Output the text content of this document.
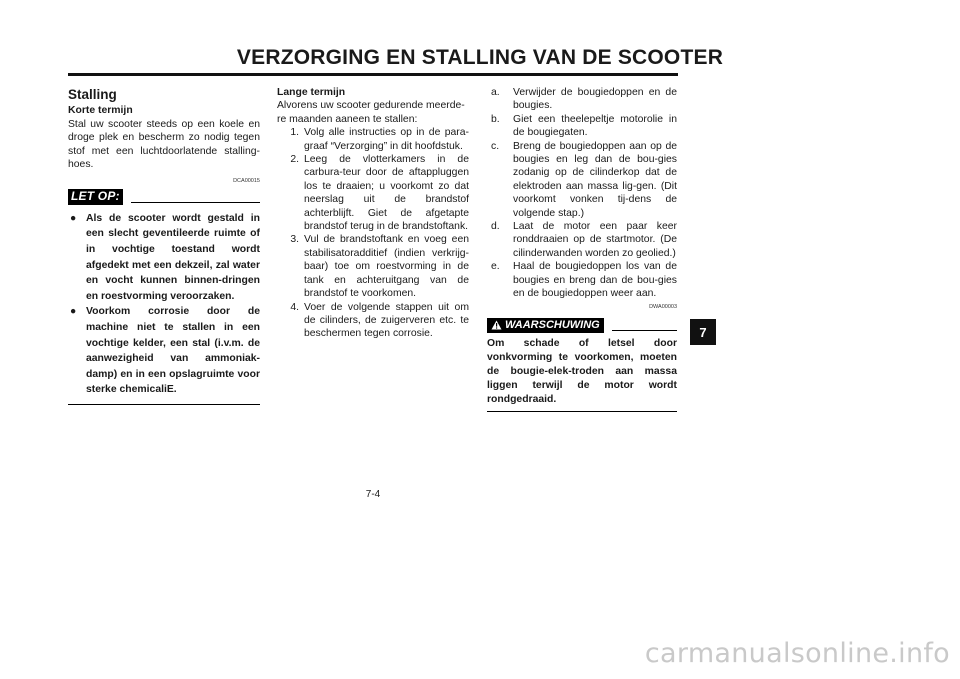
VERZORGING EN STALLING VAN DE SCOOTER
Stalling
Korte termijn
Stal uw scooter steeds op een koele en droge plek en bescherm zo nodig tegen stof met een luchtdoorlatende stalling-hoes.
DCA00015
LET OP:
● Als de scooter wordt gestald in een slecht geventileerde ruimte of in vochtige toestand wordt afgedekt met een dekzeil, zal water en vocht kunnen binnen-dringen en roestvorming veroorzaken.
● Voorkom corrosie door de machine niet te stallen in een vochtige kelder, een stal (i.v.m. de aanwezigheid van ammoniak-damp) en in een opslagruimte voor sterke chemicaliE.
Lange termijn
Alvorens uw scooter gedurende meerde-re maanden aaneen te stallen:
1. Volg alle instructies op in de para-graaf “Verzorging” in dit hoofdstuk.
2. Leeg de vlotterkamers in de carbura-teur door de aftappluggen los te draaien; u voorkomt zo dat neerslag uit de brandstof achterblijft. Giet de afgetapte brandstof terug in de brandstoftank.
3. Vul de brandstoftank en voeg een stabilisatoradditief (indien verkrijg-baar) toe om roestvorming in de tank en achteruitgang van de brandstof te voorkomen.
4. Voer de volgende stappen uit om de cilinders, de zuigerveren etc. te beschermen tegen corrosie.
a.	Verwijder de bougiedoppen en de bougies.
b.	Giet een theelepeltje motorolie in de bougiegaten.
c.	Breng de bougiedoppen aan op de bougies en leg dan de bou-gies zodanig op de cilinderkop dat de elektroden aan massa lig-gen. (Dit voorkomt vonken tij-dens de volgende stap.)
d.	Laat de motor een paar keer ronddraaien op de startmotor. (De cilinderwanden worden zo geolied.)
e.	Haal de bougiedoppen los van de bougies en breng dan de bou-gies en de bougiedoppen weer aan.
DWA00003
WAARSCHUWING
Om schade of letsel door vonkvorming te voorkomen, moeten de bougie-elek-troden aan massa liggen terwijl de motor wordt rondgedraaid.
7-4
7
carmanualsonline.info
